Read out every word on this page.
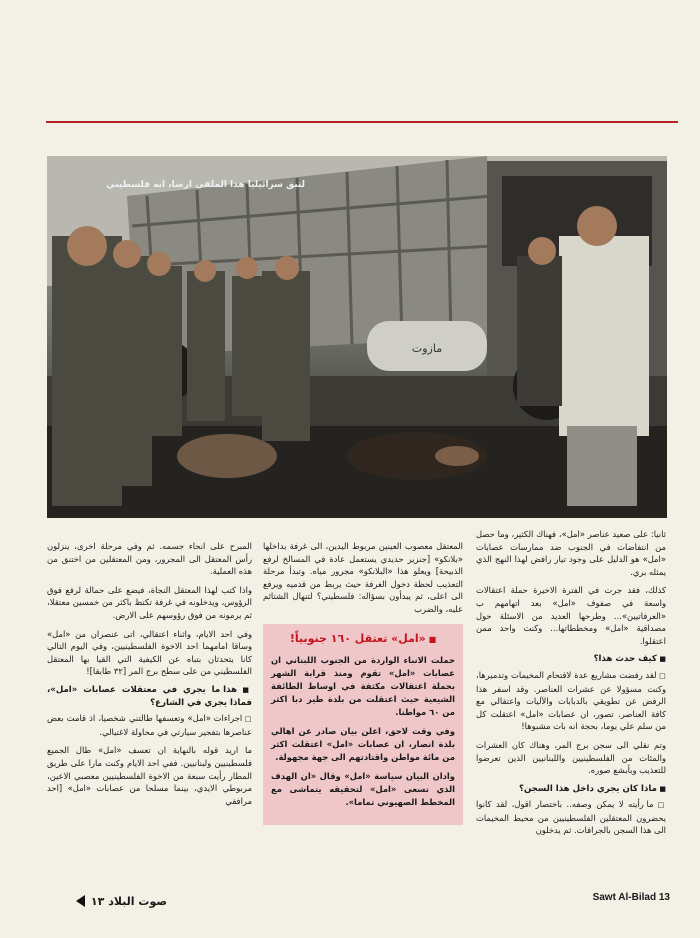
مازوت
لتبق سرائيليا هذا الملقى ارضا، انه فلسطيني

ثانيا: على صعيد عناصر «امل»، فهناك الكثير، وما حصل من انتفاضات في الجنوب ضد ممارسات عصابات «امل» هو الدليل على وجود تيار رافض لهذا النهج الذي يمثله بري.

كذلك، فقد جرت في الفترة الاخيرة حملة اعتقالات واسعة في صفوف «امل» بعد اتهامهم ب «العرفاتيين»... وطرحها العديد من الاسئلة حول مصداقية «امل» ومخططاتها... وكنت واحد ممن اعتقلوا.

■ كيف حدث هذا؟

□ لقد رفضت مشاريع عدة لاقتحام المخيمات وتدميرها، وكنت مسؤولا عن عشرات العناصر. وقد اسفر هذا الرفض عن تطويقي بالدبابات والآليات واعتقالي مع كافة العناصر. تصور، ان عصابات «امل» اعتقلت كل من سلم علي يوما، بحجة انه بات مشبوها!

وتم نقلي الى سجن برج المر، وهناك كان العشرات والمئات من الفلسطينيين واللبنانيين الذين تعرضوا للتعذيب وبأبشع صوره.

■ ماذا كان يجري داخل هذا السجن؟

□ ما رأيته لا يمكن وصفه.. باختصار اقول، لقد كانوا يحضرون المعتقلين الفلسطينيين من محيط المخيمات الى هذا السجن بالجرافات. ثم يدخلون

المعتقل معصوب العينين مربوط اليدين، الى غرفة بداخلها «بلانكو» [جنزير حديدي يستعمل عادة في المسالخ لرفع الذبيحة] ويعلو هذا «البلانكو» مجرور مياه. وتبدأ مرحلة التعذيب لحظة دخول الغرفة حيث يربط من قدميه ويرفع الى اعلى، ثم يبدأون بسؤاله: فلسطيني؟ لتنهال الشتائم عليه، والضرب

■ «امل» تعتقل ١٦٠ جنوبياً!

حملت الانباء الواردة من الجنوب اللبناني ان عصابات «امل» تقوم ومنذ قرابة الشهر بحملة اعتقالات مكثفة في اوساط الطائفة الشيعية حيث اعتقلت من بلدة طير دبا اكثر من ٦٠ مواطنا.

وفي وقت لاحق، اعلن بيان صادر عن اهالي بلدة انصار، ان عصابات «امل» اعتقلت اكثر من مائة مواطن واقتادتهم الى جهة مجهولة.

وادان البيان سياسة «امل» وقال «ان الهدف الذي تسعى «امل» لتحقيقه يتماشى مع المخطط الصهيوني تماما».

المبرح على انحاء جسمه. ثم وفي مرحلة اخرى، ينزلون رأس المعتقل الى المجرور، ومن المعتقلين من اختنق من هذه العملية.

واذا كتب لهذا المعتقل النجاة، فيضع على حمالة لرفع فوق الرؤوس، ويدخلونه في غرفة تكتظ باكثر من خمسين معتقلا، ثم يرمونه من فوق رؤوسهم على الارض.

وفي احد الايام، واثناء اعتقالي، اتى عنصران من «امل» وساقا امامهما احد الاخوة الفلسطينيين، وفي اليوم التالي كانا يتحدثان بتباه عن الكيفية التي القيا بها المعتقل الفلسطيني من على سطح برج المر [٣٢ طابقا]!

■ هذا ما يجري في معتقلات عصابات «امل»، فماذا يجري في الشارع؟

□ اجراءات «امل» وتعسفها طالتني شخصيا، اذ قامت بعض عناصرها بتفجير سيارتي في محاولة لاغتيالي.

ما اريد قوله بالنهاية ان تعسف «امل» طال الجميع فلسطينيين ولبنانيين. ففي احد الايام وكنت مارا على طريق المطار رأيت سبعة من الاخوة الفلسطينيين معصبي الاعين، مربوطي الايدي، بينما مسلحا من عصابات «امل» [احد مرافقي

صوت البلاد ١٣	Sawt Al-Bilad 13
